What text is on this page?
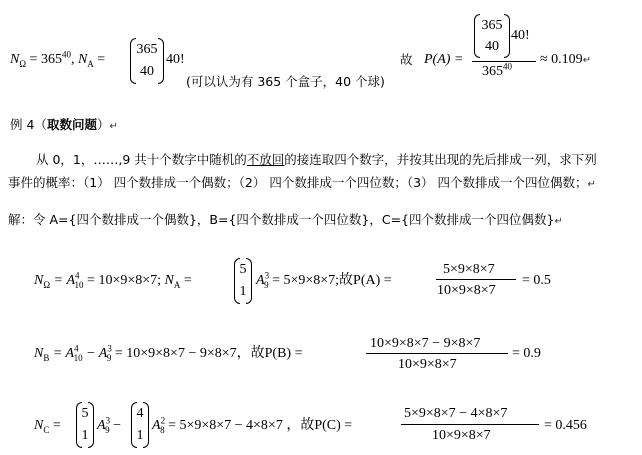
$N_\Omega = 365^{40}$, $N_A$ =
365
40
40!
(可以认为有 365 个盒子，40 个球)
故 P(A) =
365
40
40!
$365^{40}$ ≈ 0.109↵
例 4（取数问题）↵
从 0，1，……,9 共十个数字中随机的不放回的接连取四个数字，并按其出现的先后排成一列，求下列
事件的概率：（1） 四个数排成一个偶数；（2） 四个数排成一个四位数；（3） 四个数排成一个四位偶数；↵
解：令 A={四个数排成一个偶数}，B={四个数排成一个四位数}，C={四个数排成一个四位偶数}↵
$N_\Omega = A^4_{10} = 10\times 9\times 8\times 7$; $N_A$ =
5
1
$A^3_9 = 5\times 9\times 8\times 7$;故P(A) =
5×9×8×7
10×9×8×7
= 0.5
$N_B = A^4_{10} - A^3_9 = 10\times 9\times 8\times 7 - 9\times 8\times 7$，故P(B) =
10×9×8×7 − 9×8×7
10×9×8×7
= 0.9
$N_C$ =
5
1
$A^3_9$ −
4
1
$A^2_8 = 5\times 9\times 8\times 7 - 4\times 8\times 7$ ，故P(C) =
5×9×8×7 − 4×8×7
10×9×8×7
= 0.456
